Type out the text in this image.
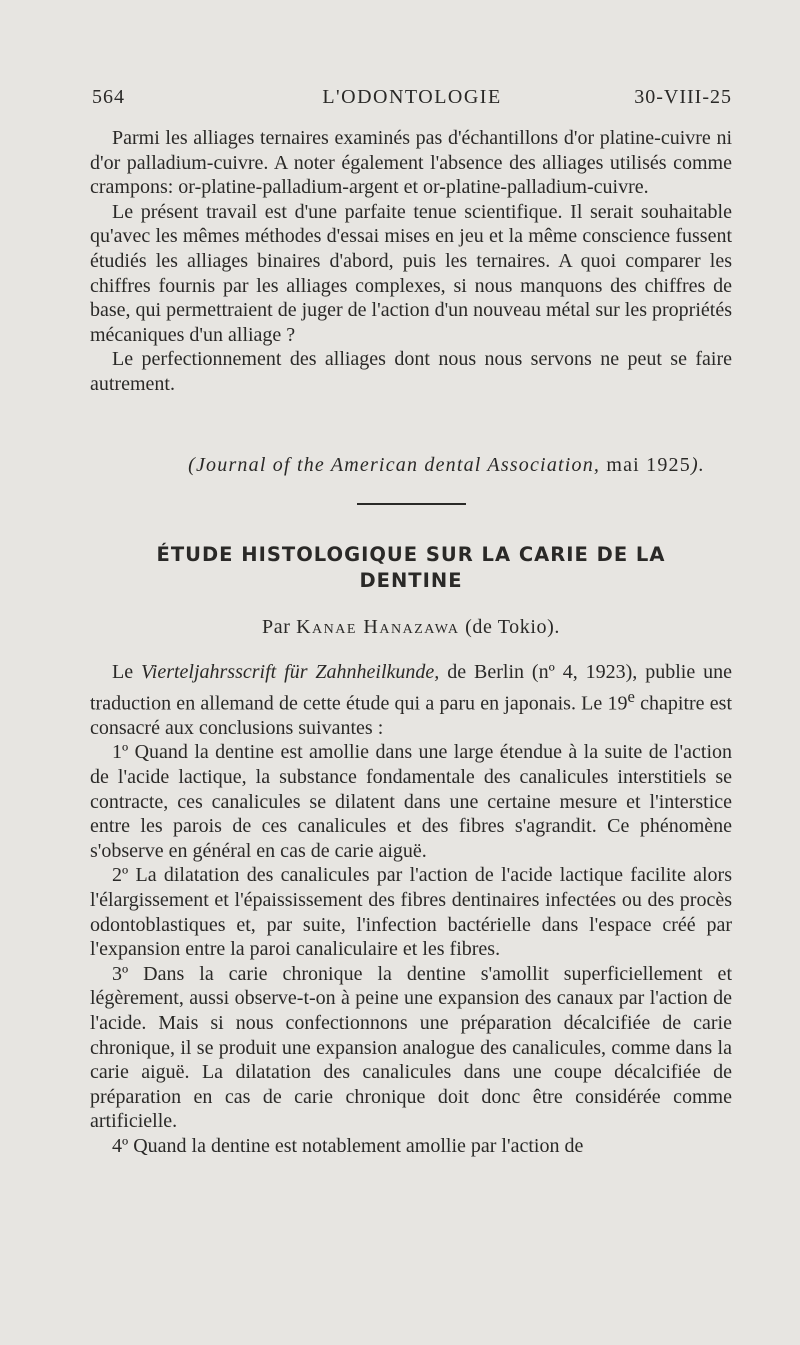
564	L'ODONTOLOGIE	30-VIII-25

Parmi les alliages ternaires examinés pas d'échantillons d'or platine-cuivre ni d'or palladium-cuivre. A noter également l'absence des alliages utilisés comme crampons: or-platine-palladium-argent et or-platine-palladium-cuivre.

Le présent travail est d'une parfaite tenue scientifique. Il serait souhaitable qu'avec les mêmes méthodes d'essai mises en jeu et la même conscience fussent étudiés les alliages binaires d'abord, puis les ternaires. A quoi comparer les chiffres fournis par les alliages complexes, si nous manquons des chiffres de base, qui permettraient de juger de l'action d'un nouveau métal sur les propriétés mécaniques d'un alliage ?

Le perfectionnement des alliages dont nous nous servons ne peut se faire autrement.

(Journal of the American dental Association, mai 1925).
ÉTUDE HISTOLOGIQUE SUR LA CARIE DE LA
DENTINE
Par Kanae Hanazawa (de Tokio).

Le Vierteljahrsscrift für Zahnheilkunde, de Berlin (nº 4, 1923), publie une traduction en allemand de cette étude qui a paru en japonais. Le 19e chapitre est consacré aux conclusions suivantes :

1º Quand la dentine est amollie dans une large étendue à la suite de l'action de l'acide lactique, la substance fondamentale des canalicules interstitiels se contracte, ces canalicules se dilatent dans une certaine mesure et l'interstice entre les parois de ces canalicules et des fibres s'agrandit. Ce phénomène s'observe en général en cas de carie aiguë.

2º La dilatation des canalicules par l'action de l'acide lactique facilite alors l'élargissement et l'épaississement des fibres dentinaires infectées ou des procès odontoblastiques et, par suite, l'infection bactérielle dans l'espace créé par l'expansion entre la paroi canaliculaire et les fibres.

3º Dans la carie chronique la dentine s'amollit superficiellement et légèrement, aussi observe-t-on à peine une expansion des canaux par l'action de l'acide. Mais si nous confectionnons une préparation décalcifiée de carie chronique, il se produit une expansion analogue des canalicules, comme dans la carie aiguë. La dilatation des canalicules dans une coupe décalcifiée de préparation en cas de carie chronique doit donc être considérée comme artificielle.

4º Quand la dentine est notablement amollie par l'action de
